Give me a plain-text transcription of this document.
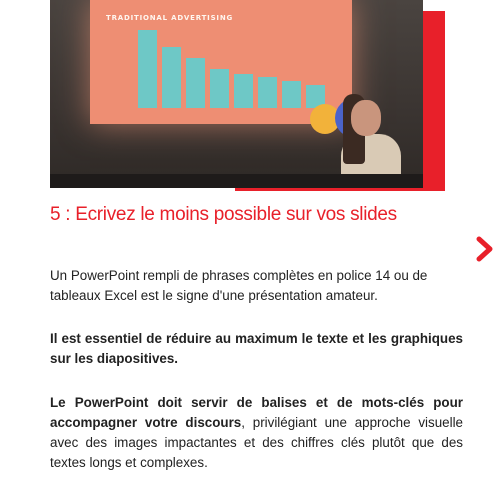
TRADITIONAL ADVERTISING
5 : Ecrivez le moins possible sur vos slides

Un PowerPoint rempli de phrases complètes en police 14 ou de tableaux Excel est le signe d'une présentation amateur.

Il est essentiel de réduire au maximum le texte et les graphiques sur les diapositives.

Le PowerPoint doit servir de balises et de mots-clés pour accompagner votre discours, privilégiant une approche visuelle avec des images impactantes et des chiffres clés plutôt que des textes longs et complexes.
